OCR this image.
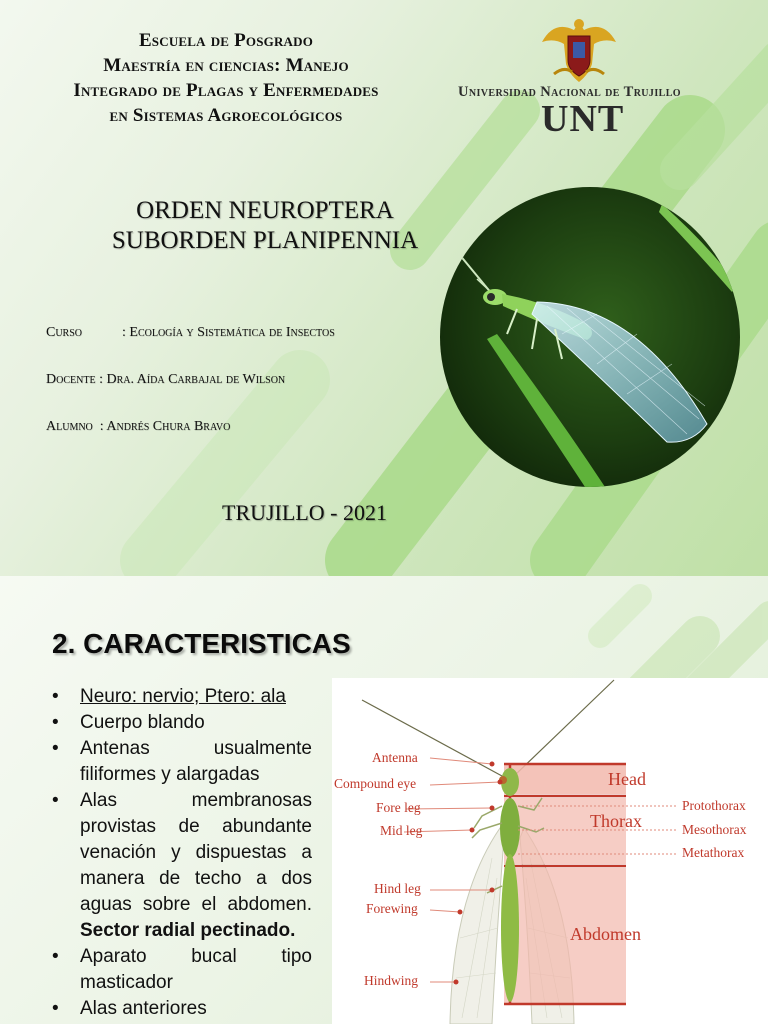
Escuela de Posgrado
Maestría en ciencias: Manejo
Integrado de Plagas y Enfermedades
en Sistemas Agroecológicos
Universidad Nacional de Trujillo
UNT
ORDEN NEUROPTERA
SUBORDEN PLANIPENNIA
Curso	: Ecología y Sistemática de Insectos
Docente : Dra. Aída Carbajal de Wilson
Alumno : Andrés Chura Bravo
TRUJILLO - 2021
2. CARACTERISTICAS
• Neuro: nervio; Ptero: ala
• Cuerpo blando
• Antenas usualmente filiformes y alargadas
• Alas membranosas provistas de abundante venación y dispuestas a manera de techo a dos aguas sobre el abdomen. Sector radial pectinado.
• Aparato bucal tipo masticador
• Alas anteriores
Antenna
Compound eye
Fore leg
Mid leg
Hind leg
Forewing
Hindwing
Protothorax
Mesothorax
Metathorax
Head
Thorax
Abdomen
